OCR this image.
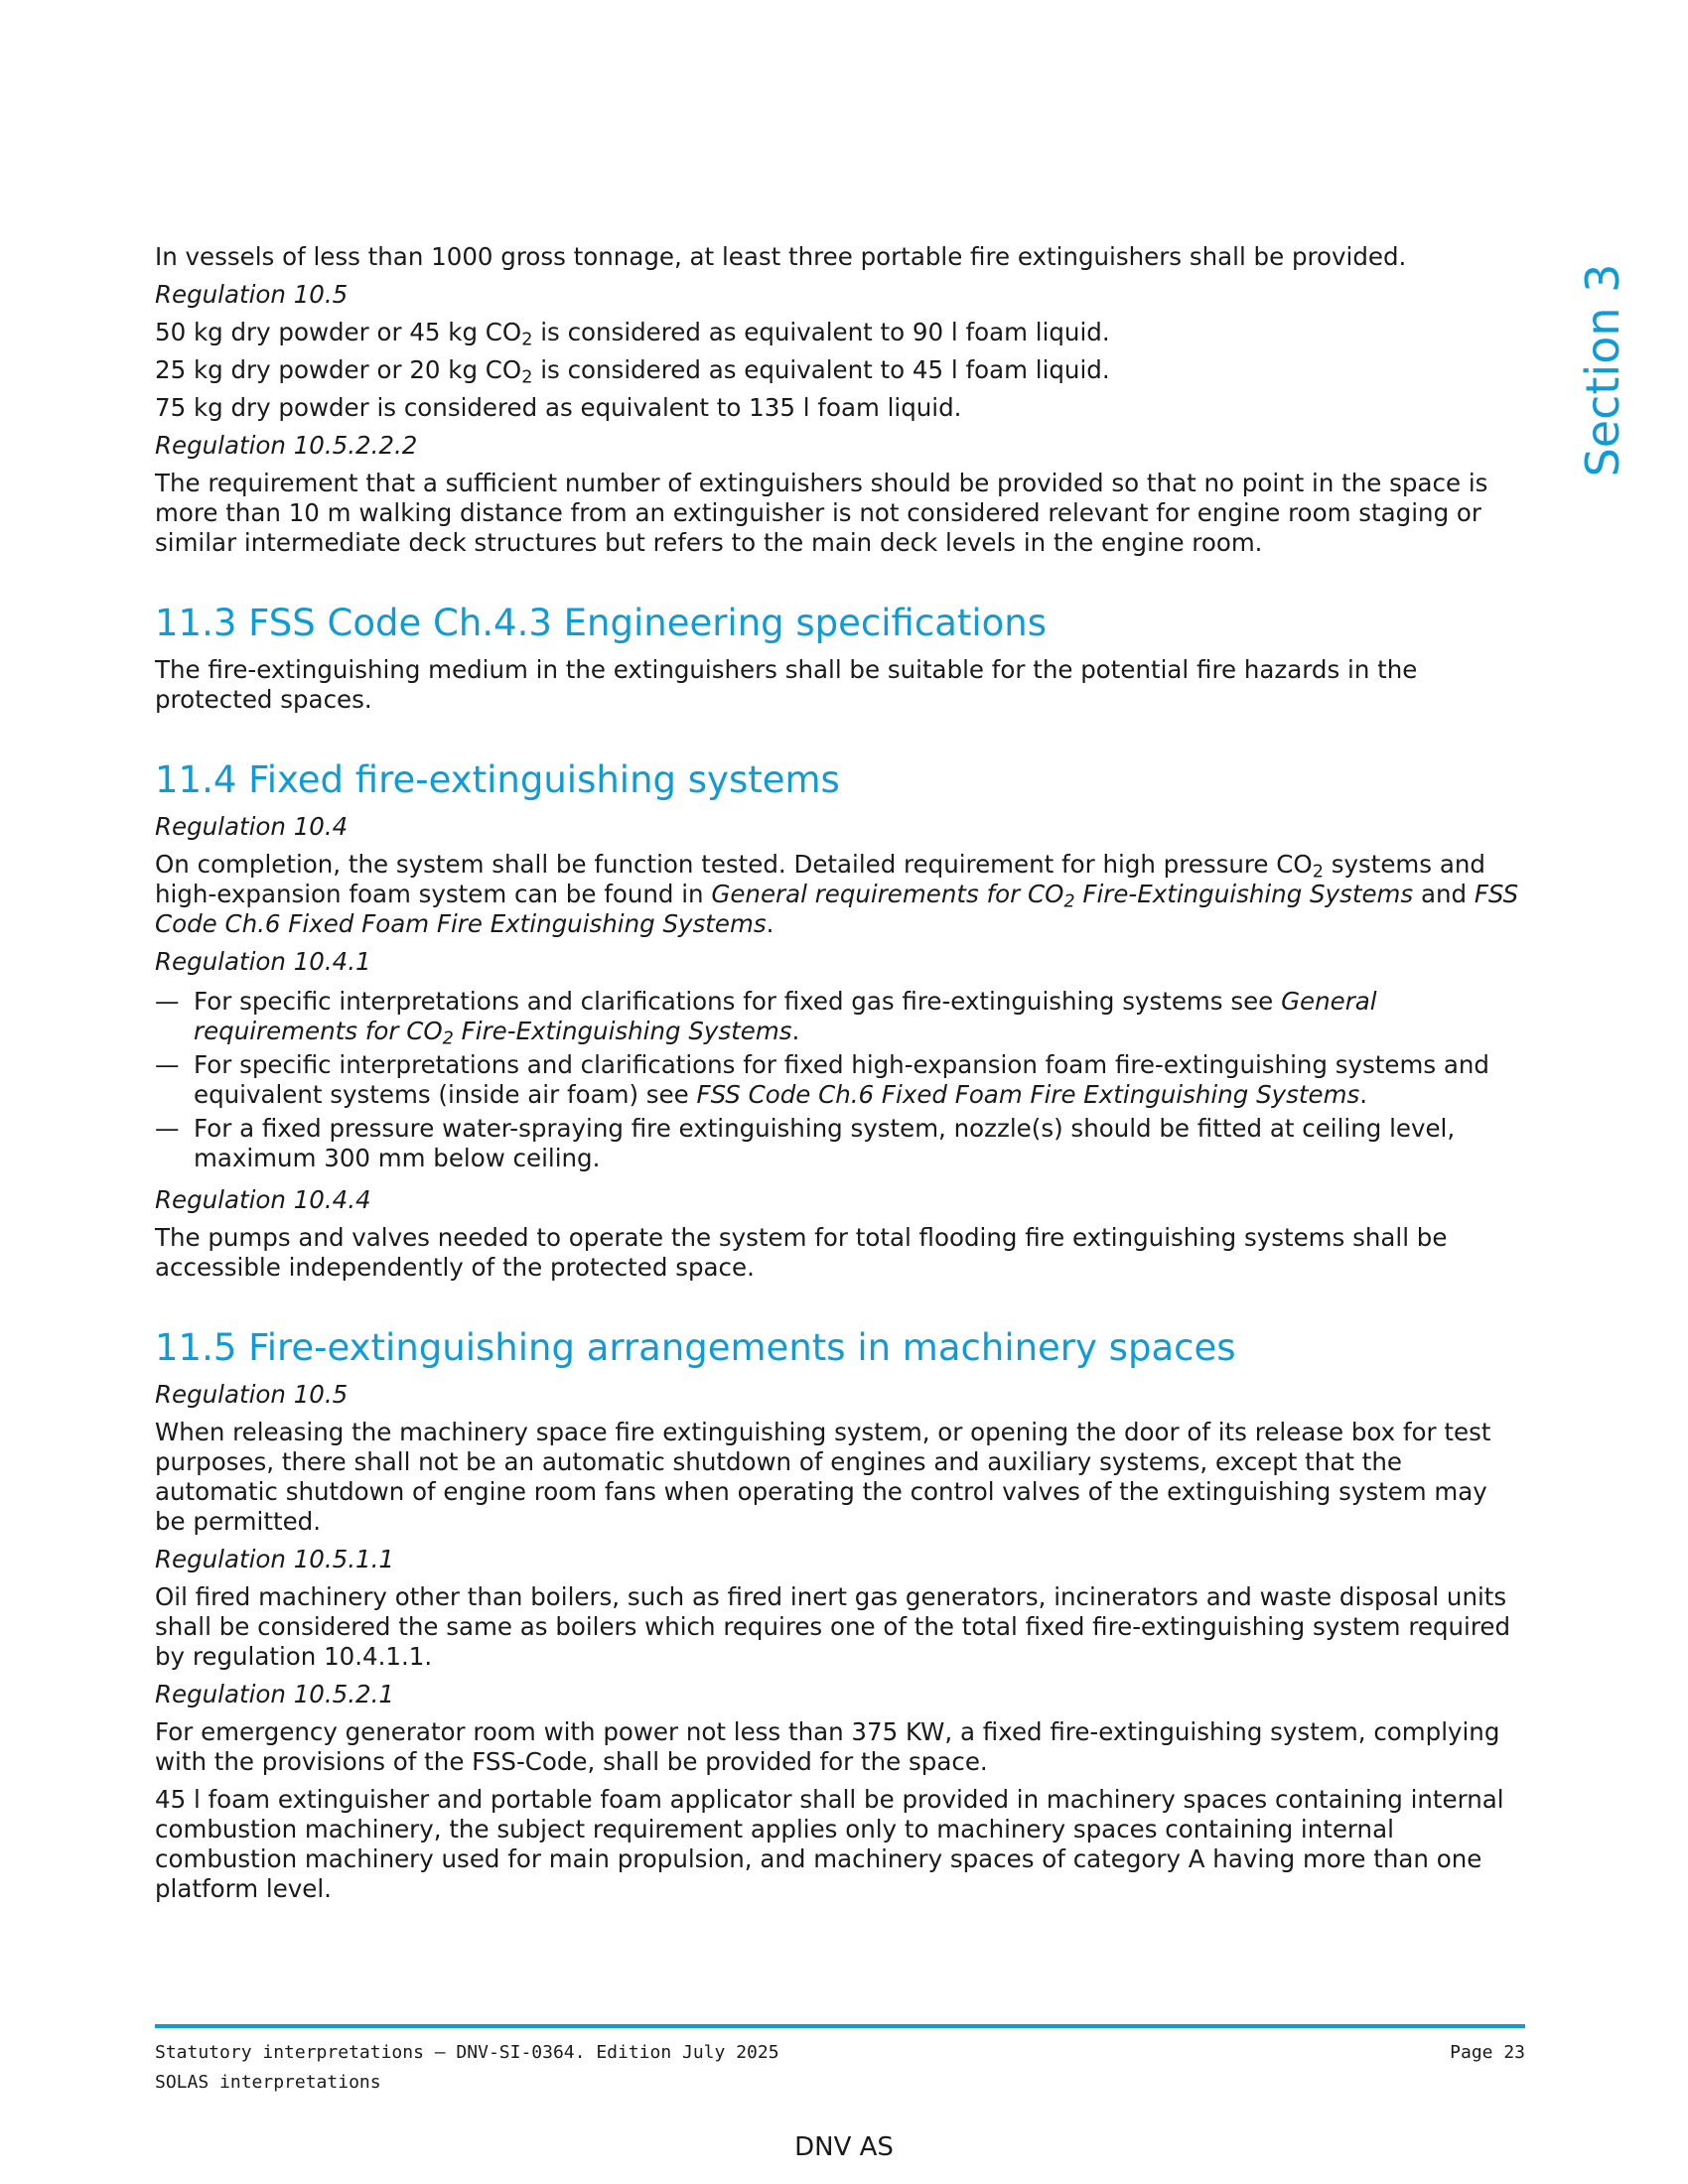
Section 3

In vessels of less than 1000 gross tonnage, at least three portable fire extinguishers shall be provided.

Regulation 10.5

50 kg dry powder or 45 kg $CO_2$ is considered as equivalent to 90 l foam liquid.

25 kg dry powder or 20 kg $CO_2$ is considered as equivalent to 45 l foam liquid.

75 kg dry powder is considered as equivalent to 135 l foam liquid.

Regulation 10.5.2.2.2

The requirement that a sufficient number of extinguishers should be provided so that no point in the space is more than 10 m walking distance from an extinguisher is not considered relevant for engine room staging or similar intermediate deck structures but refers to the main deck levels in the engine room.

11.3 FSS Code Ch.4.3 Engineering specifications

The fire-extinguishing medium in the extinguishers shall be suitable for the potential fire hazards in the protected spaces.

11.4 Fixed fire-extinguishing systems

Regulation 10.4

On completion, the system shall be function tested. Detailed requirement for high pressure $CO_2$ systems and high-expansion foam system can be found in General requirements for $CO_2$ Fire-Extinguishing Systems and FSS Code Ch.6 Fixed Foam Fire Extinguishing Systems.

Regulation 10.4.1

— For specific interpretations and clarifications for fixed gas fire-extinguishing systems see General requirements for $CO_2$ Fire-Extinguishing Systems.
— For specific interpretations and clarifications for fixed high-expansion foam fire-extinguishing systems and equivalent systems (inside air foam) see FSS Code Ch.6 Fixed Foam Fire Extinguishing Systems.
— For a fixed pressure water-spraying fire extinguishing system, nozzle(s) should be fitted at ceiling level, maximum 300 mm below ceiling.

Regulation 10.4.4

The pumps and valves needed to operate the system for total flooding fire extinguishing systems shall be accessible independently of the protected space.

11.5 Fire-extinguishing arrangements in machinery spaces

Regulation 10.5

When releasing the machinery space fire extinguishing system, or opening the door of its release box for test purposes, there shall not be an automatic shutdown of engines and auxiliary systems, except that the automatic shutdown of engine room fans when operating the control valves of the extinguishing system may be permitted.

Regulation 10.5.1.1

Oil fired machinery other than boilers, such as fired inert gas generators, incinerators and waste disposal units shall be considered the same as boilers which requires one of the total fixed fire-extinguishing system required by regulation 10.4.1.1.

Regulation 10.5.2.1

For emergency generator room with power not less than 375 KW, a fixed fire-extinguishing system, complying with the provisions of the FSS-Code, shall be provided for the space.

45 l foam extinguisher and portable foam applicator shall be provided in machinery spaces containing internal combustion machinery, the subject requirement applies only to machinery spaces containing internal combustion machinery used for main propulsion, and machinery spaces of category A having more than one platform level.

Statutory interpretations — DNV-SI-0364. Edition July 2025	Page 23
SOLAS interpretations
DNV AS
